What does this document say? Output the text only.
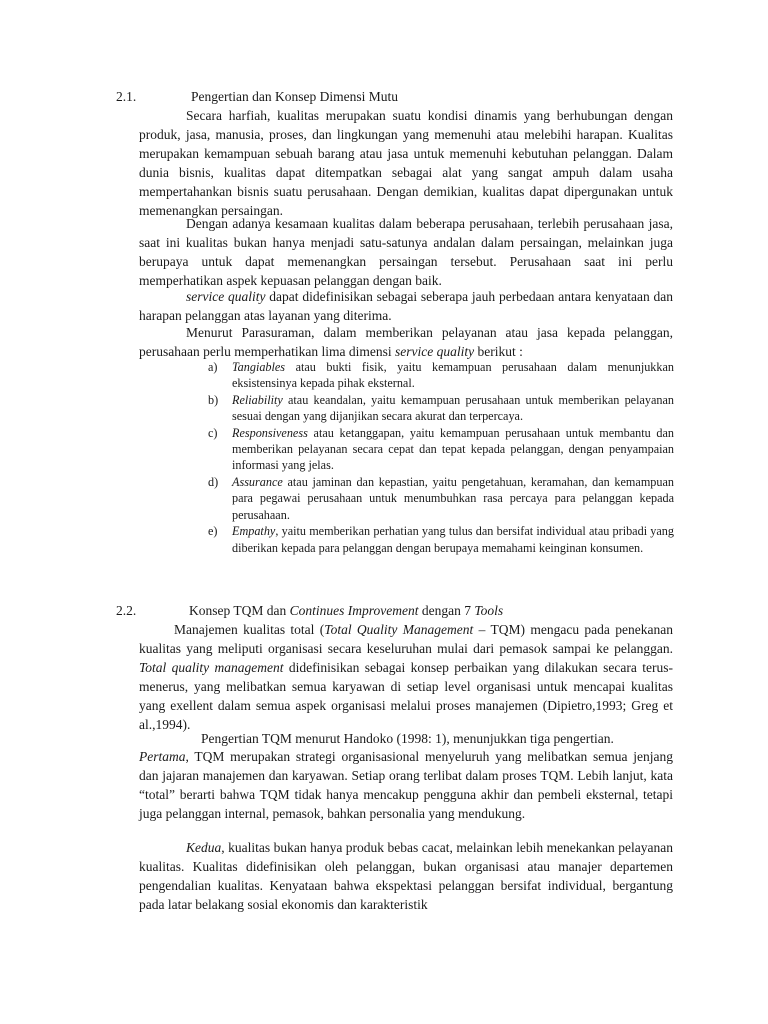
2.1.	Pengertian dan Konsep Dimensi Mutu
Secara harfiah, kualitas merupakan suatu kondisi dinamis yang berhubungan dengan produk, jasa, manusia, proses, dan lingkungan yang memenuhi atau melebihi harapan. Kualitas merupakan kemampuan sebuah barang atau jasa untuk memenuhi kebutuhan pelanggan. Dalam dunia bisnis, kualitas dapat ditempatkan sebagai alat yang sangat ampuh dalam usaha mempertahankan bisnis suatu perusahaan. Dengan demikian, kualitas dapat dipergunakan untuk memenangkan persaingan.
Dengan adanya kesamaan kualitas dalam beberapa perusahaan, terlebih perusahaan jasa, saat ini kualitas bukan hanya menjadi satu-satunya andalan dalam persaingan, melainkan juga berupaya untuk dapat memenangkan persaingan tersebut. Perusahaan saat ini perlu memperhatikan aspek kepuasan pelanggan dengan baik.
service quality dapat didefinisikan sebagai seberapa jauh perbedaan antara kenyataan dan harapan pelanggan atas layanan yang diterima.
Menurut Parasuraman, dalam memberikan pelayanan atau jasa kepada pelanggan, perusahaan perlu memperhatikan lima dimensi service quality berikut :
a) Tangiables atau bukti fisik, yaitu kemampuan perusahaan dalam menunjukkan eksistensinya kepada pihak eksternal.
b) Reliability atau keandalan, yaitu kemampuan perusahaan untuk memberikan pelayanan sesuai dengan yang dijanjikan secara akurat dan terpercaya.
c) Responsiveness atau ketanggapan, yaitu kemampuan perusahaan untuk membantu dan memberikan pelayanan secara cepat dan tepat kepada pelanggan, dengan penyampaian informasi yang jelas.
d) Assurance atau jaminan dan kepastian, yaitu pengetahuan, keramahan, dan kemampuan para pegawai perusahaan untuk menumbuhkan rasa percaya para pelanggan kepada perusahaan.
e) Empathy, yaitu memberikan perhatian yang tulus dan bersifat individual atau pribadi yang diberikan kepada para pelanggan dengan berupaya memahami keinginan konsumen.
2.2.	Konsep TQM dan Continues Improvement dengan 7 Tools
Manajemen kualitas total (Total Quality Management – TQM) mengacu pada penekanan kualitas yang meliputi organisasi secara keseluruhan mulai dari pemasok sampai ke pelanggan. Total quality management didefinisikan sebagai konsep perbaikan yang dilakukan secara terus-menerus, yang melibatkan semua karyawan di setiap level organisasi untuk mencapai kualitas yang exellent dalam semua aspek organisasi melalui proses manajemen (Dipietro,1993; Greg et al.,1994).
Pengertian TQM menurut Handoko (1998: 1), menunjukkan tiga pengertian.
Pertama, TQM merupakan strategi organisasional menyeluruh yang melibatkan semua jenjang dan jajaran manajemen dan karyawan. Setiap orang terlibat dalam proses TQM. Lebih lanjut, kata “total” berarti bahwa TQM tidak hanya mencakup pengguna akhir dan pembeli eksternal, tetapi juga pelanggan internal, pemasok, bahkan personalia yang mendukung.
Kedua, kualitas bukan hanya produk bebas cacat, melainkan lebih menekankan pelayanan kualitas. Kualitas didefinisikan oleh pelanggan, bukan organisasi atau manajer departemen pengendalian kualitas. Kenyataan bahwa ekspektasi pelanggan bersifat individual, bergantung pada latar belakang sosial ekonomis dan karakteristik
